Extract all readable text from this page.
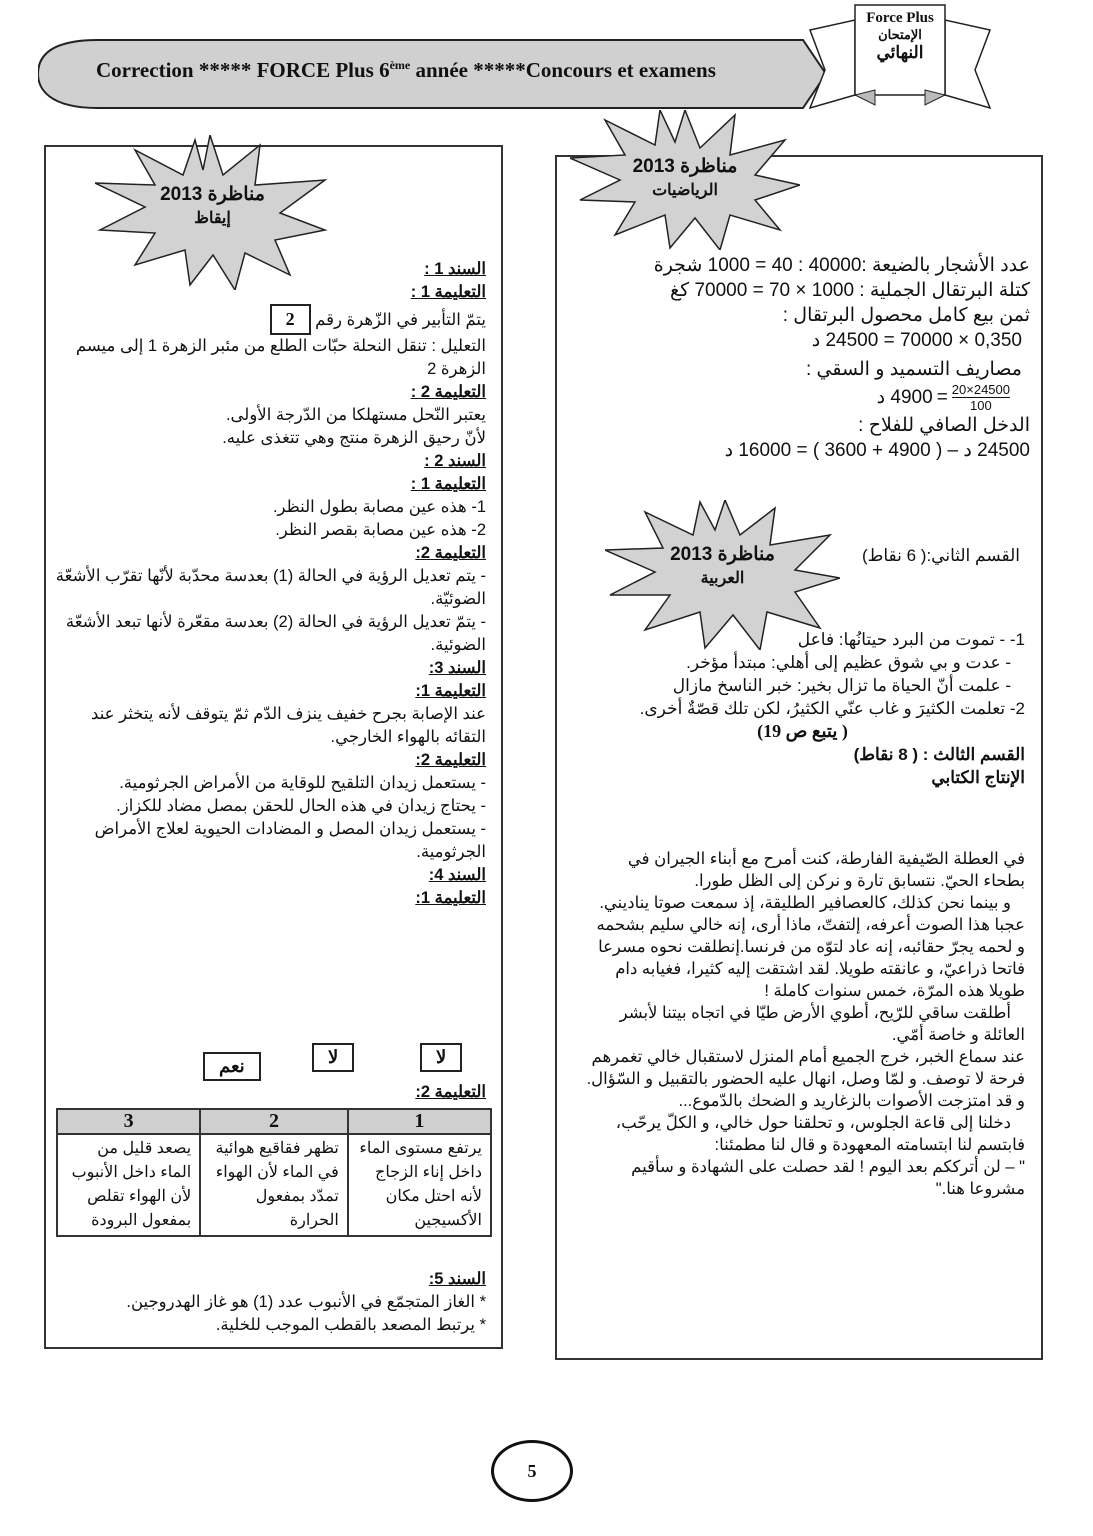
Correction ***** FORCE Plus 6ème année *****Concours et examens
Force Plus
الإمتحان
النهائي
مناظرة 2013
الرياضيات
عدد الأشجار بالضيعة :40000 : 40 = 1000 شجرة
كتلة البرتقال الجملية : 1000 × 70 = 70000 كغ
ثمن بيع كامل محصول البرتقال :
0,350 × 70000 = 24500 د
مصاريف التسميد و السقي :
4900 د = $\frac{20\times 24500}{100}$
الدخل الصافي للفلاح :
24500 د – ( 4900 + 3600 ) = 16000 د
مناظرة 2013
العربية
القسم الثاني:( 6 نقاط)
1- - تموت من البرد حيتانُها: فاعل
- عدت و بي شوق عظيم إلى أهلي: مبتدأ مؤخر.
- علمت أنّ الحياة ما تزال بخير: خبر الناسخ مازال
2- تعلمت الكثيرَ و غاب عنّي الكثيرُ، لكن تلك قصّةٌ أخرى.
( يتبع ص 19)
القسم الثالث : ( 8 نقاط)
الإنتاج الكتابي

في العطلة الصّيفية الفارطة، كنت أمرح مع أبناء الجيران في بطحاء الحيّ. نتسابق تارة و نركن إلى الظل طورا.

و بينما نحن كذلك، كالعصافير الطليقة، إذ سمعت صوتا يناديني. عجبا هذا الصوت أعرفه، إلتفتّ، ماذا أرى، إنه خالي سليم بشحمه و لحمه يجرّ حقائبه، إنه عاد لتوّه من فرنسا.إنطلقت نحوه مسرعا فاتحا ذراعيّ، و عانقته طويلا. لقد اشتقت إليه كثيرا، فغيابه دام طويلا هذه المرّة، خمس سنوات كاملة !

أطلقت ساقي للرّيح، أطوي الأرض طيّا في اتجاه بيتنا لأبشر العائلة و خاصة أمّي.

عند سماع الخبر، خرج الجميع أمام المنزل لاستقبال خالي تغمرهم فرحة لا توصف. و لمّا وصل، انهال عليه الحضور بالتقبيل و السّؤال. و قد امتزجت الأصوات بالزغاريد و الضحك بالدّموع...

دخلنا إلى قاعة الجلوس، و تحلقنا حول خالي، و الكلّ يرحّب، فابتسم لنا ابتسامته المعهودة و قال لنا مطمئنا:

" – لن أترككم بعد اليوم ! لقد حصلت على الشهادة و سأقيم مشروعا هنا."

مناظرة 2013
إيقاظ
السند 1 :
التعليمة 1 :
يتمّ التأبير في الزّهرة رقم 2
التعليل : تنقل النحلة حبّات الطلع من مئبر الزهرة 1 إلى ميسم الزهرة 2
التعليمة 2 :
يعتبر النّحل مستهلكا من الدّرجة الأولى.
لأنّ رحيق الزهرة منتج وهي تتغذى عليه.
السند 2 :
التعليمة 1 :
1- هذه عين مصابة بطول النظر.
2- هذه عين مصابة بقصر النظر.
التعليمة 2:
- يتم تعديل الرؤية في الحالة (1) بعدسة محدّبة لأنّها تقرّب الأشعّة الضوئيّة.
- يتمّ تعديل الرؤية في الحالة (2) بعدسة مقعّرة لأنها تبعد الأشعّة الضوئية.
السند 3:
التعليمة 1:
عند الإصابة بجرح خفيف ينزف الدّم ثمّ يتوقف لأنه يتخثر عند التقائه بالهواء الخارجي.
التعليمة 2:
- يستعمل زيدان التلقيح للوقاية من الأمراض الجرثومية.
- يحتاج زيدان في هذه الحال للحقن بمصل مضاد للكزاز.
- يستعمل زيدان المصل و المضادات الحيوية لعلاج الأمراض الجرثومية.
السند 4:
التعليمة 1:
لا
لا
نعم
التعليمة 2:
1	2	3
يرتفع مستوى الماء داخل إناء الزجاج لأنه احتل مكان الأكسيجين	تظهر فقاقيع هوائية في الماء لأن الهواء تمدّد بمفعول الحرارة	يصعد قليل من الماء داخل الأنبوب لأن الهواء تقلص بمفعول البرودة
السند 5:
* الغاز المتجمّع في الأنبوب عدد (1) هو غاز الهدروجين.
* يرتبط المصعد بالقطب الموجب للخلية.
5
